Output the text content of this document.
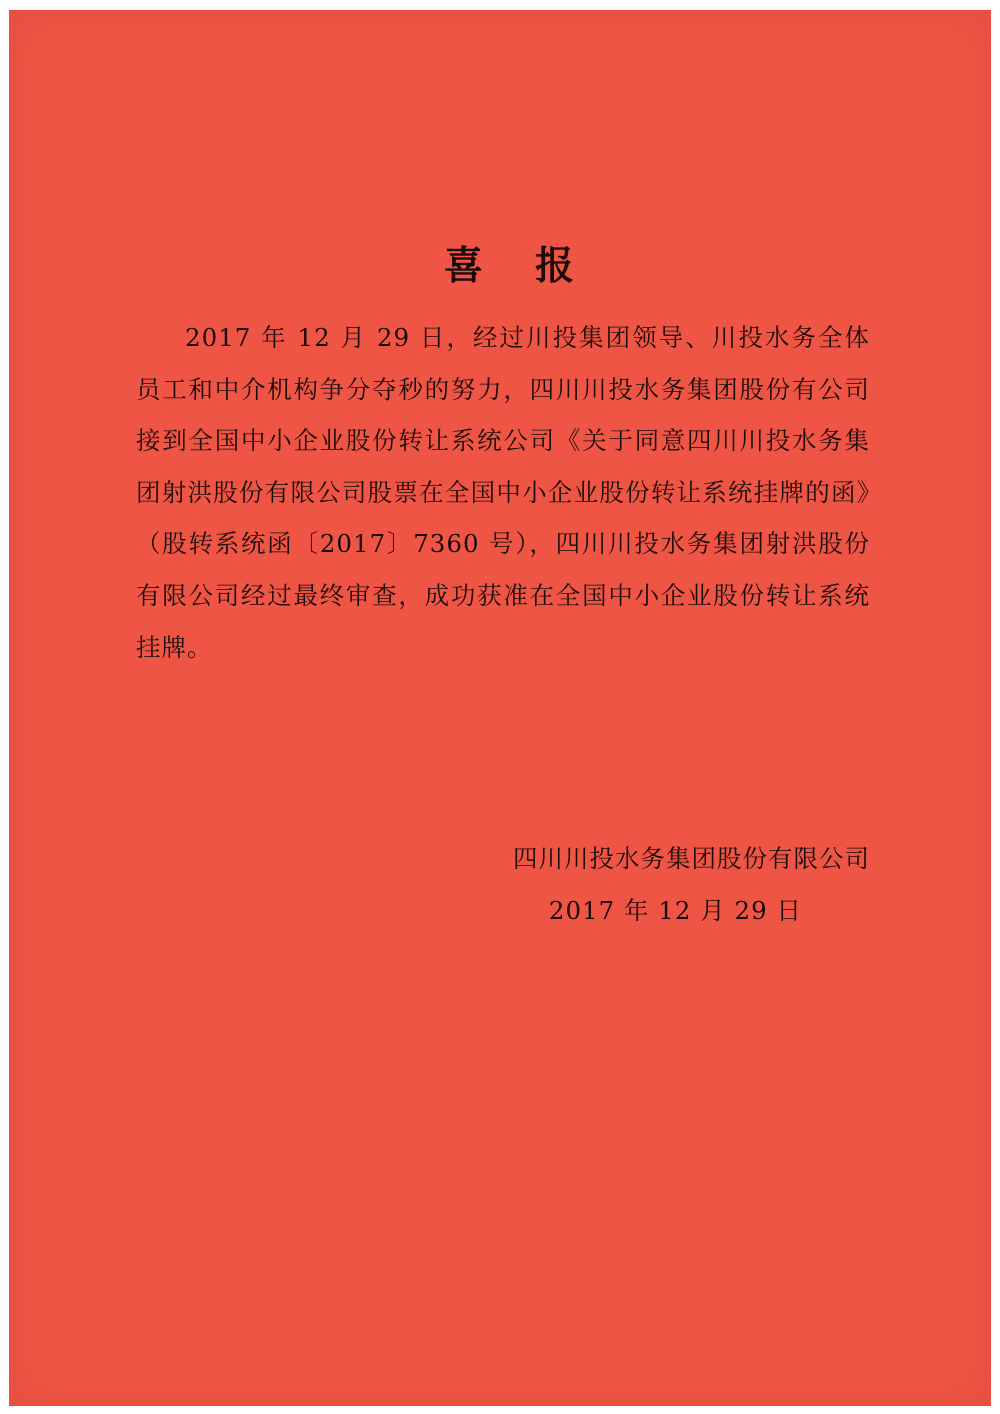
喜 报

2017 年 12 月 29 日，经过川投集团领导、川投水务全体员工和中介机构争分夺秒的努力，四川川投水务集团股份有公司接到全国中小企业股份转让系统公司《关于同意四川川投水务集团射洪股份有限公司股票在全国中小企业股份转让系统挂牌的函》（股转系统函〔2017〕7360 号），四川川投水务集团射洪股份有限公司经过最终审查，成功获准在全国中小企业股份转让系统挂牌。

四川川投水务集团股份有限公司
2017 年 12 月 29 日
